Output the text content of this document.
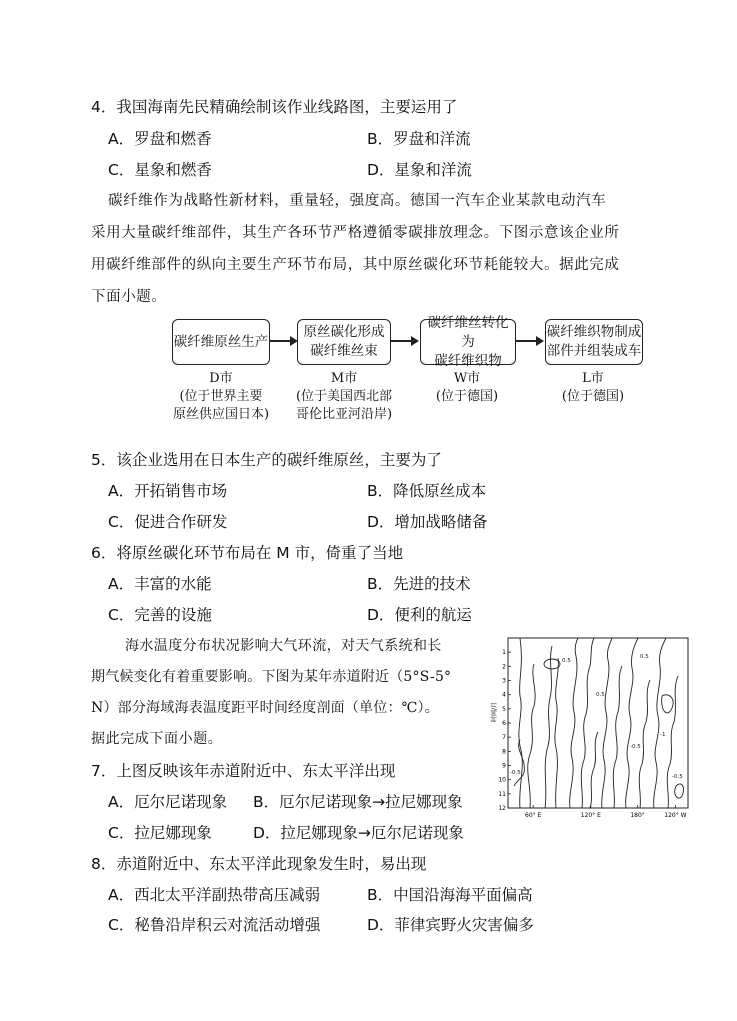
4．我国海南先民精确绘制该作业线路图，主要运用了
A．罗盘和燃香	B．罗盘和洋流
C．星象和燃香	D．星象和洋流
碳纤维作为战略性新材料，重量轻，强度高。德国一汽车企业某款电动汽车
采用大量碳纤维部件，其生产各环节严格遵循零碳排放理念。下图示意该企业所
用碳纤维部件的纵向主要生产环节布局，其中原丝碳化环节耗能较大。据此完成
下面小题。
碳纤维原丝生产
原丝碳化形成
碳纤维丝束
碳纤维丝转化为
碳纤维织物
碳纤维织物制成
部件并组装成车
D市
(位于世界主要
原丝供应国日本)
M市
(位于美国西北部
哥伦比亚河沿岸)
W市
(位于德国)
L市
(位于德国)
5．该企业选用在日本生产的碳纤维原丝，主要为了
A．开拓销售市场	B．降低原丝成本
C．促进合作研发	D．增加战略储备
6．将原丝碳化环节布局在 M 市，倚重了当地
A．丰富的水能	B．先进的技术
C．完善的设施	D．便利的航运
海水温度分布状况影响大气环流，对天气系统和长
期气候变化有着重要影响。下图为某年赤道附近（5°S-5°
N）部分海域海表温度距平时间经度剖面（单位：℃）。
据此完成下面小题。
1
2
3
4
5
6
7
8
9
10
11
12
时间/月
0.5
-0.5
0.5
0.5
-0.5
-1
-0.5
60° E	120° E	180°	120° W
7．上图反映该年赤道附近中、东太平洋出现
A．厄尔尼诺现象 B．厄尔尼诺现象→拉尼娜现象
C．拉尼娜现象	D．拉尼娜现象→厄尔尼诺现象
8．赤道附近中、东太平洋此现象发生时，易出现
A．西北太平洋副热带高压减弱	B．中国沿海海平面偏高
C．秘鲁沿岸积云对流活动增强	D．菲律宾野火灾害偏多
